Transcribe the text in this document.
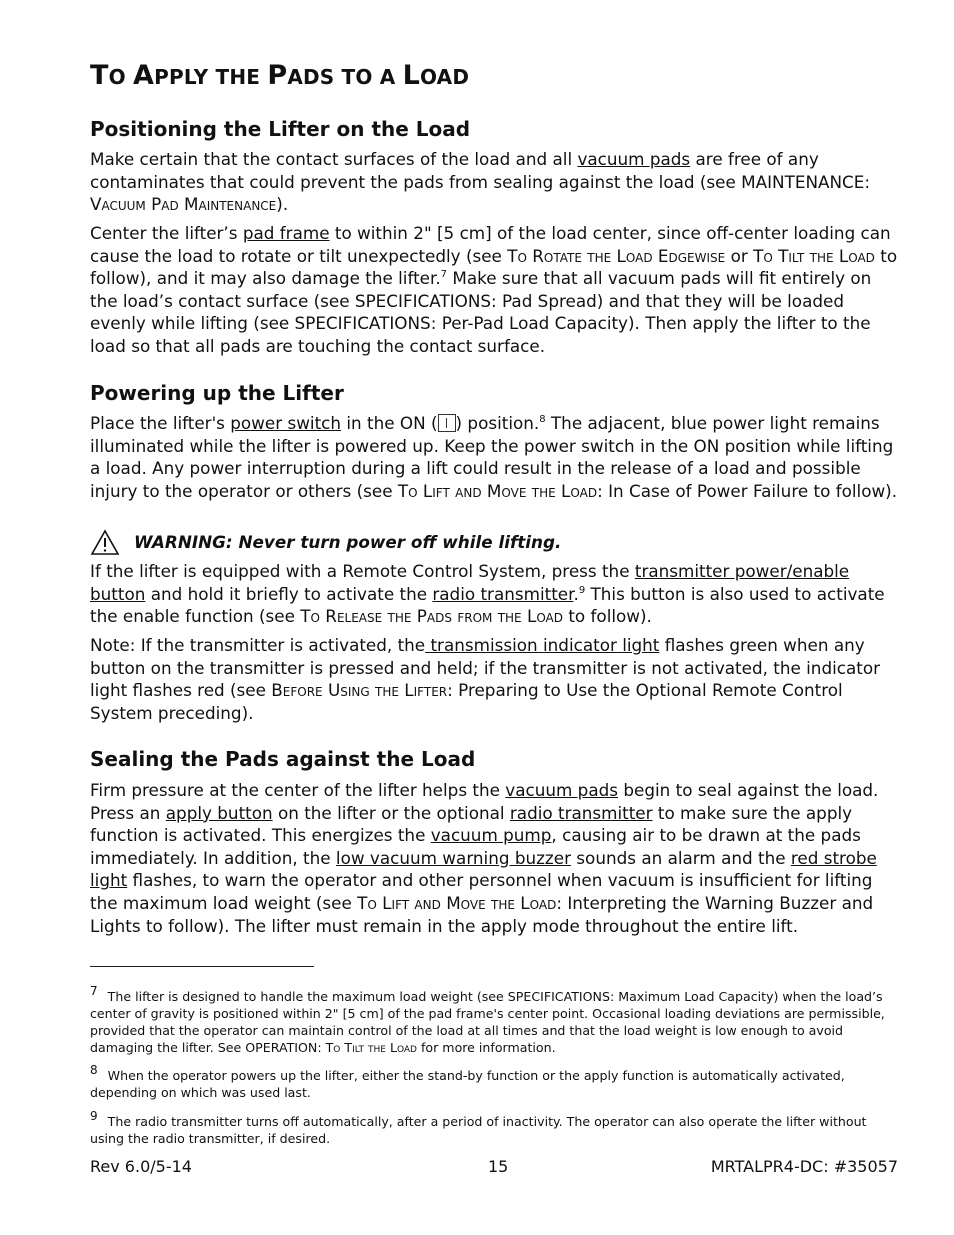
TO APPLY THE PADS TO A LOAD
Positioning the Lifter on the Load

Make certain that the contact surfaces of the load and all vacuum pads are free of any contaminates that could prevent the pads from sealing against the load (see MAINTENANCE: Vacuum Pad Maintenance).

Center the lifter’s pad frame to within 2" [5 cm] of the load center, since off-center loading can cause the load to rotate or tilt unexpectedly (see To Rotate the Load Edgewise or To Tilt the Load to follow), and it may also damage the lifter.$^7$ Make sure that all vacuum pads will fit entirely on the load’s contact surface (see SPECIFICATIONS: Pad Spread) and that they will be loaded evenly while lifting (see SPECIFICATIONS: Per-Pad Load Capacity). Then apply the lifter to the load so that all pads are touching the contact surface.

Powering up the Lifter

Place the lifter's power switch in the ON ( ) position.$^8$ The adjacent, blue power light remains illuminated while the lifter is powered up. Keep the power switch in the ON position while lifting a load. Any power interruption during a lift could result in the release of a load and possible injury to the operator or others (see To Lift and Move the Load: In Case of Power Failure to follow).

WARNING: Never turn power off while lifting.

If the lifter is equipped with a Remote Control System, press the transmitter power/enable button and hold it briefly to activate the radio transmitter.$^9$ This button is also used to activate the enable function (see To Release the Pads from the Load to follow).

Note: If the transmitter is activated, the transmission indicator light flashes green when any button on the transmitter is pressed and held; if the transmitter is not activated, the indicator light flashes red (see Before Using the Lifter: Preparing to Use the Optional Remote Control System preceding).

Sealing the Pads against the Load

Firm pressure at the center of the lifter helps the vacuum pads begin to seal against the load. Press an apply button on the lifter or the optional radio transmitter to make sure the apply function is activated. This energizes the vacuum pump, causing air to be drawn at the pads immediately. In addition, the low vacuum warning buzzer sounds an alarm and the red strobe light flashes, to warn the operator and other personnel when vacuum is insufficient for lifting the maximum load weight (see To Lift and Move the Load: Interpreting the Warning Buzzer and Lights to follow). The lifter must remain in the apply mode throughout the entire lift.

7 The lifter is designed to handle the maximum load weight (see SPECIFICATIONS: Maximum Load Capacity) when the load’s center of gravity is positioned within 2" [5 cm] of the pad frame's center point. Occasional loading deviations are permissible, provided that the operator can maintain control of the load at all times and that the load weight is low enough to avoid damaging the lifter. See OPERATION: To Tilt the Load for more information.
8 When the operator powers up the lifter, either the stand-by function or the apply function is automatically activated, depending on which was used last.
9 The radio transmitter turns off automatically, after a period of inactivity. The operator can also operate the lifter without using the radio transmitter, if desired.
Rev 6.0/5-14	15	MRTALPR4-DC: #35057
